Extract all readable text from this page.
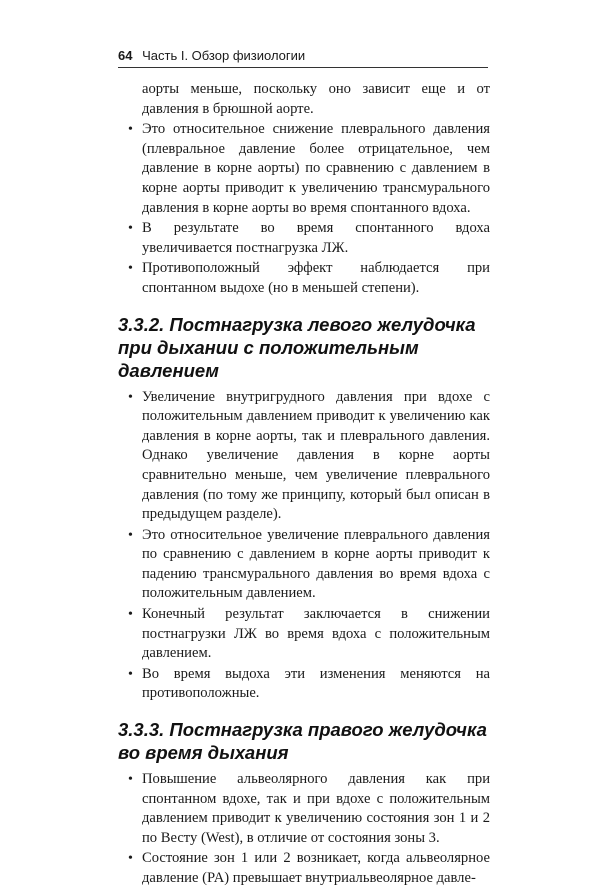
64 Часть I. Обзор физиологии

аорты меньше, поскольку оно зависит еще и от давления в брюшной аорте.

• Это относительное снижение плеврального давления (плевральное давление более отрицательное, чем давление в корне аорты) по сравнению с давлением в корне аорты приводит к увеличению трансмурального давления в корне аорты во время спонтанного вдоха.

• В результате во время спонтанного вдоха увеличивается постнагрузка ЛЖ.

• Противоположный эффект наблюдается при спонтанном выдохе (но в меньшей степени).

3.3.2. Постнагрузка левого желудочка
при дыхании с положительным давлением

• Увеличение внутригрудного давления при вдохе с положительным давлением приводит к увеличению как давления в корне аорты, так и плеврального давления. Однако увеличение давления в корне аорты сравнительно меньше, чем увеличение плеврального давления (по тому же принципу, который был описан в предыдущем разделе).

• Это относительное увеличение плеврального давления по сравнению с давлением в корне аорты приводит к падению трансмурального давления во время вдоха с положительным давлением.

• Конечный результат заключается в снижении постнагрузки ЛЖ во время вдоха с положительным давлением.

• Во время выдоха эти изменения меняются на противоположные.

3.3.3. Постнагрузка правого желудочка
во время дыхания

• Повышение альвеолярного давления как при спонтанном вдохе, так и при вдохе с положительным давлением приводит к увеличению состояния зон 1 и 2 по Весту (West), в отличие от состояния зоны 3.

• Состояние зон 1 или 2 возникает, когда альвеолярное давление (PA) превышает внутриальвеолярное давле-
